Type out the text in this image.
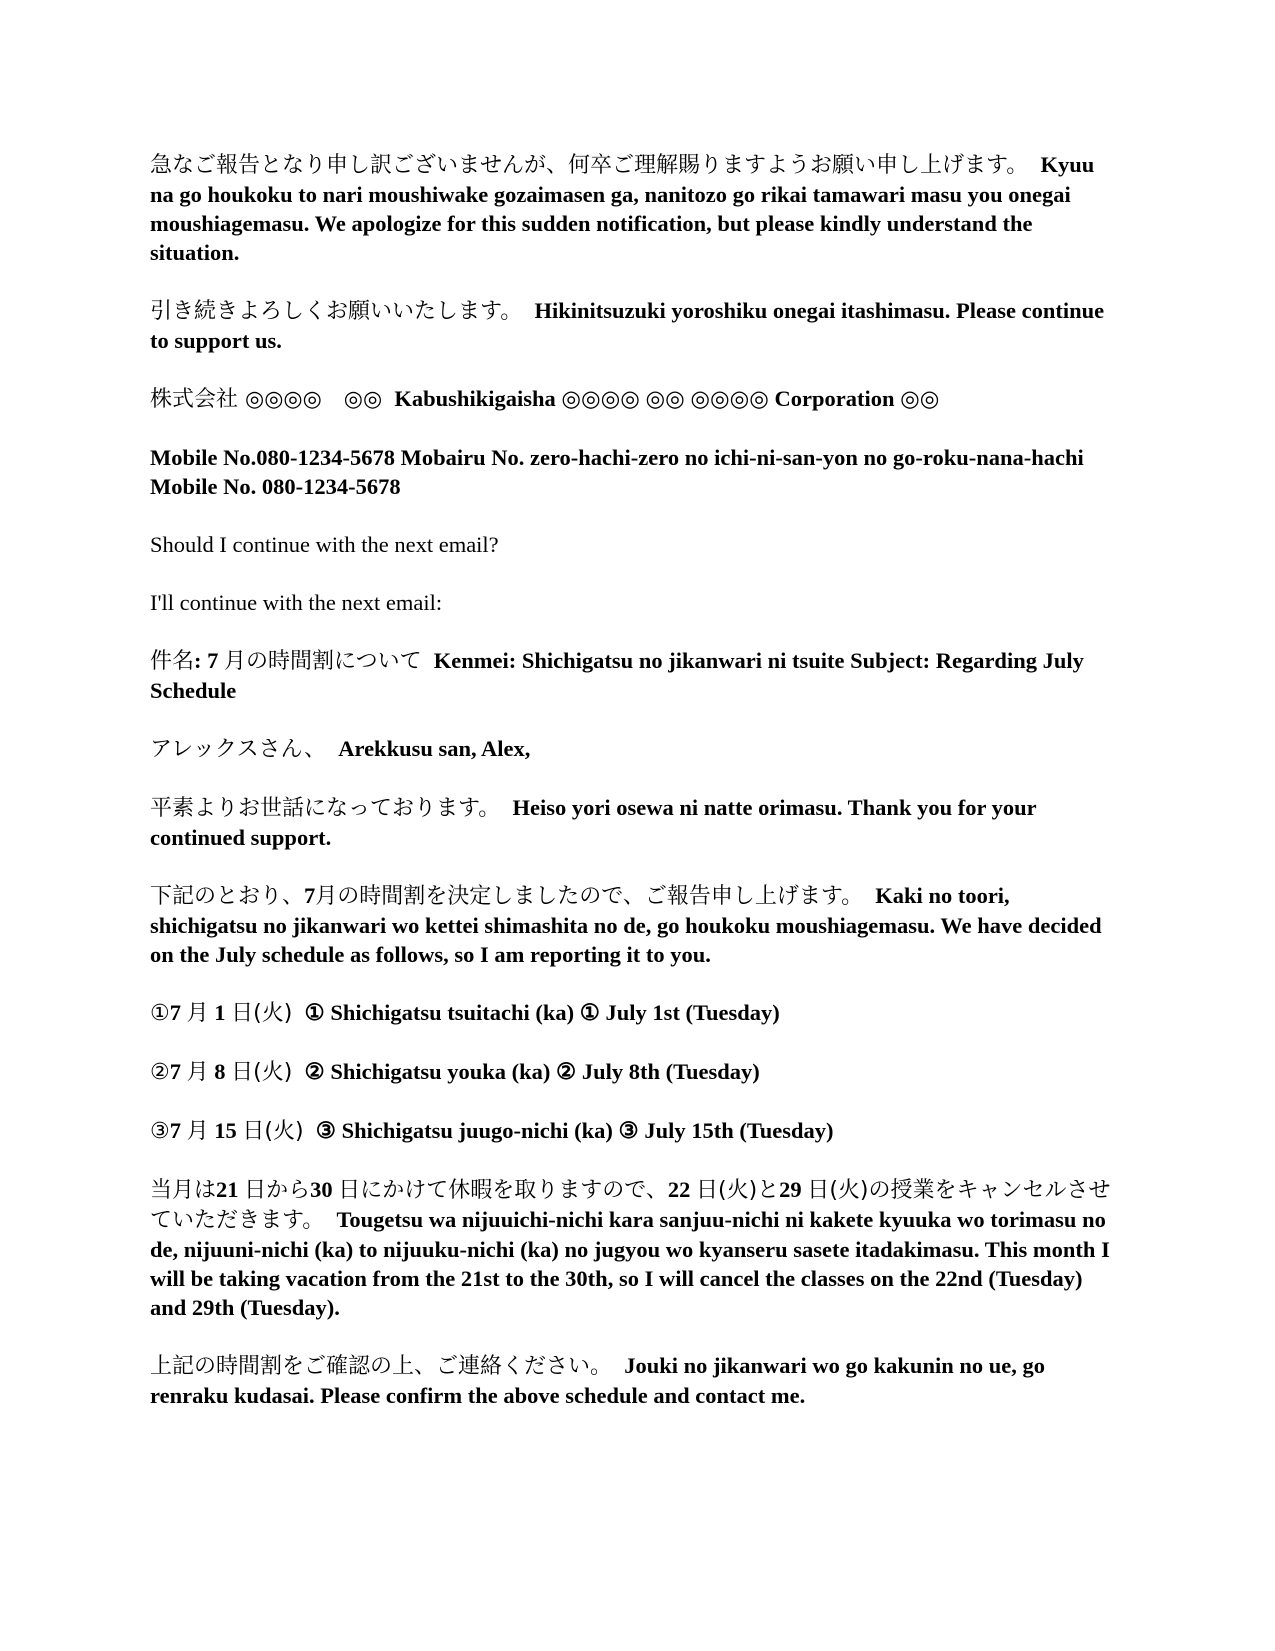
急なご報告となり申し訳ございませんが、何卒ご理解賜りますようお願い申し上げます。 Kyuu na go houkoku to nari moushiwake gozaimasen ga, nanitozo go rikai tamawari masu you onegai moushiagemasu. We apologize for this sudden notification, but please kindly understand the situation.

引き続きよろしくお願いいたします。 Hikinitsuzuki yoroshiku onegai itashimasu. Please continue to support us.

株式会社 ◎◎◎◎　◎◎ Kabushikigaisha ◎◎◎◎ ◎◎ ◎◎◎◎ Corporation ◎◎

Mobile No.080-1234-5678 Mobairu No. zero-hachi-zero no ichi-ni-san-yon no go-roku-nana-hachi Mobile No. 080-1234-5678

Should I continue with the next email?

I'll continue with the next email:

件名: 7 月の時間割について Kenmei: Shichigatsu no jikanwari ni tsuite Subject: Regarding July Schedule

アレックスさん、 Arekkusu san, Alex,

平素よりお世話になっております。 Heiso yori osewa ni natte orimasu. Thank you for your continued support.

下記のとおり、7月の時間割を決定しましたので、ご報告申し上げます。 Kaki no toori, shichigatsu no jikanwari wo kettei shimashita no de, go houkoku moushiagemasu. We have decided on the July schedule as follows, so I am reporting it to you.

①7 月 1 日(火) ① Shichigatsu tsuitachi (ka) ① July 1st (Tuesday)

②7 月 8 日(火) ② Shichigatsu youka (ka) ② July 8th (Tuesday)

③7 月 15 日(火) ③ Shichigatsu juugo-nichi (ka) ③ July 15th (Tuesday)

当月は21 日から30 日にかけて休暇を取りますので、22 日(火)と29 日(火)の授業をキャンセルさせていただきます。 Tougetsu wa nijuuichi-nichi kara sanjuu-nichi ni kakete kyuuka wo torimasu no de, nijuuni-nichi (ka) to nijuuku-nichi (ka) no jugyou wo kyanseru sasete itadakimasu. This month I will be taking vacation from the 21st to the 30th, so I will cancel the classes on the 22nd (Tuesday) and 29th (Tuesday).

上記の時間割をご確認の上、ご連絡ください。 Jouki no jikanwari wo go kakunin no ue, go renraku kudasai. Please confirm the above schedule and contact me.
